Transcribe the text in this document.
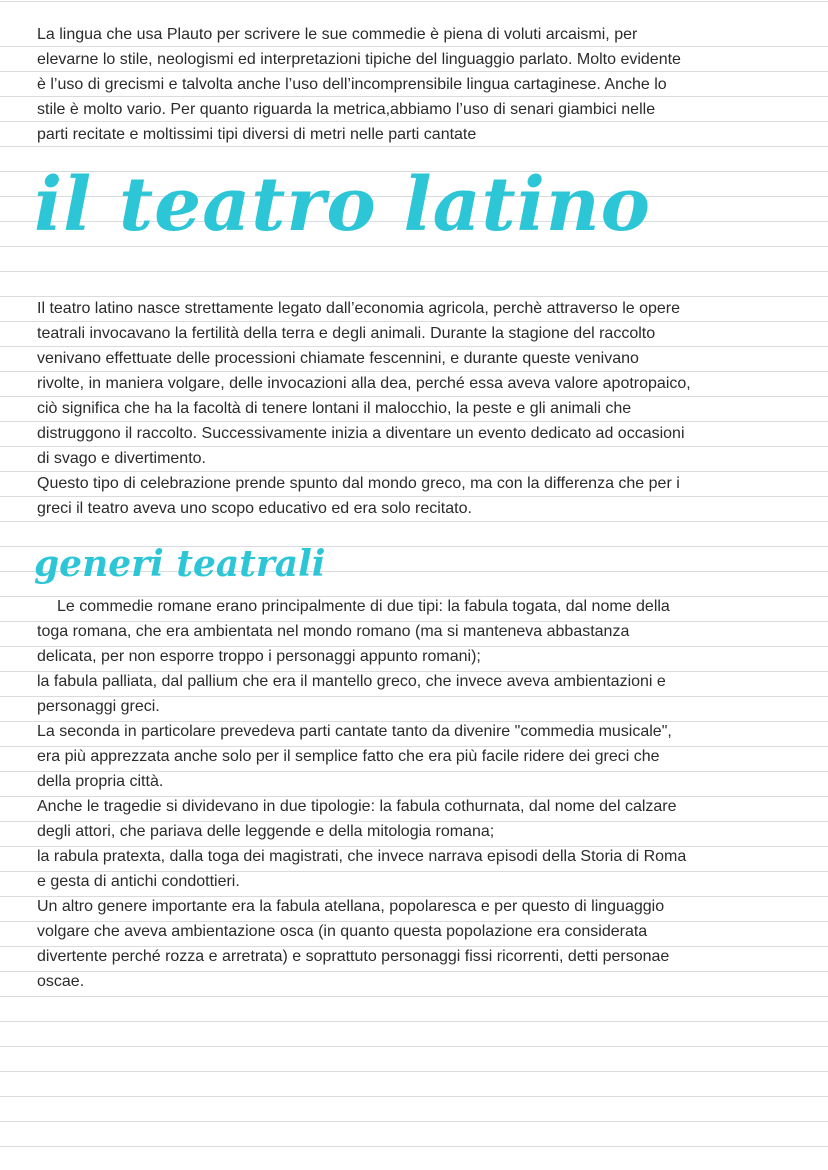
La lingua che usa Plauto per scrivere le sue commedie è piena di voluti arcaismi, per
elevarne lo stile, neologismi ed interpretazioni tipiche del linguaggio parlato. Molto evidente
è l’uso di grecismi e talvolta anche l’uso dell’incomprensibile lingua cartaginese. Anche lo
stile è molto vario. Per quanto riguarda la metrica,abbiamo l’uso di senari giambici nelle
parti recitate e moltissimi tipi diversi di metri nelle parti cantate
il teatro latino
Il teatro latino nasce strettamente legato dall’economia agricola, perchè attraverso le opere
teatrali invocavano la fertilità della terra e degli animali. Durante la stagione del raccolto
venivano effettuate delle processioni chiamate fescennini, e durante queste venivano
rivolte, in maniera volgare, delle invocazioni alla dea, perché essa aveva valore apotropaico,
ciò significa che ha la facoltà di tenere lontani il malocchio, la peste e gli animali che
distruggono il raccolto. Successivamente inizia a diventare un evento dedicato ad occasioni
di svago e divertimento.
Questo tipo di celebrazione prende spunto dal mondo greco, ma con la differenza che per i
greci il teatro aveva uno scopo educativo ed era solo recitato.
generi teatrali
Le commedie romane erano principalmente di due tipi: la fabula togata, dal nome della
toga romana, che era ambientata nel mondo romano (ma si manteneva abbastanza
delicata, per non esporre troppo i personaggi appunto romani);
la fabula palliata, dal pallium che era il mantello greco, che invece aveva ambientazioni e
personaggi greci.
La seconda in particolare prevedeva parti cantate tanto da divenire "commedia musicale",
era più apprezzata anche solo per il semplice fatto che era più facile ridere dei greci che
della propria città.
Anche le tragedie si dividevano in due tipologie: la fabula cothurnata, dal nome del calzare
degli attori, che pariava delle leggende e della mitologia romana;
la rabula pratexta, dalla toga dei magistrati, che invece narrava episodi della Storia di Roma
e gesta di antichi condottieri.
Un altro genere importante era la fabula atellana, popolaresca e per questo di linguaggio
volgare che aveva ambientazione osca (in quanto questa popolazione era considerata
divertente perché rozza e arretrata) e soprattuto personaggi fissi ricorrenti, detti personae
oscae.
